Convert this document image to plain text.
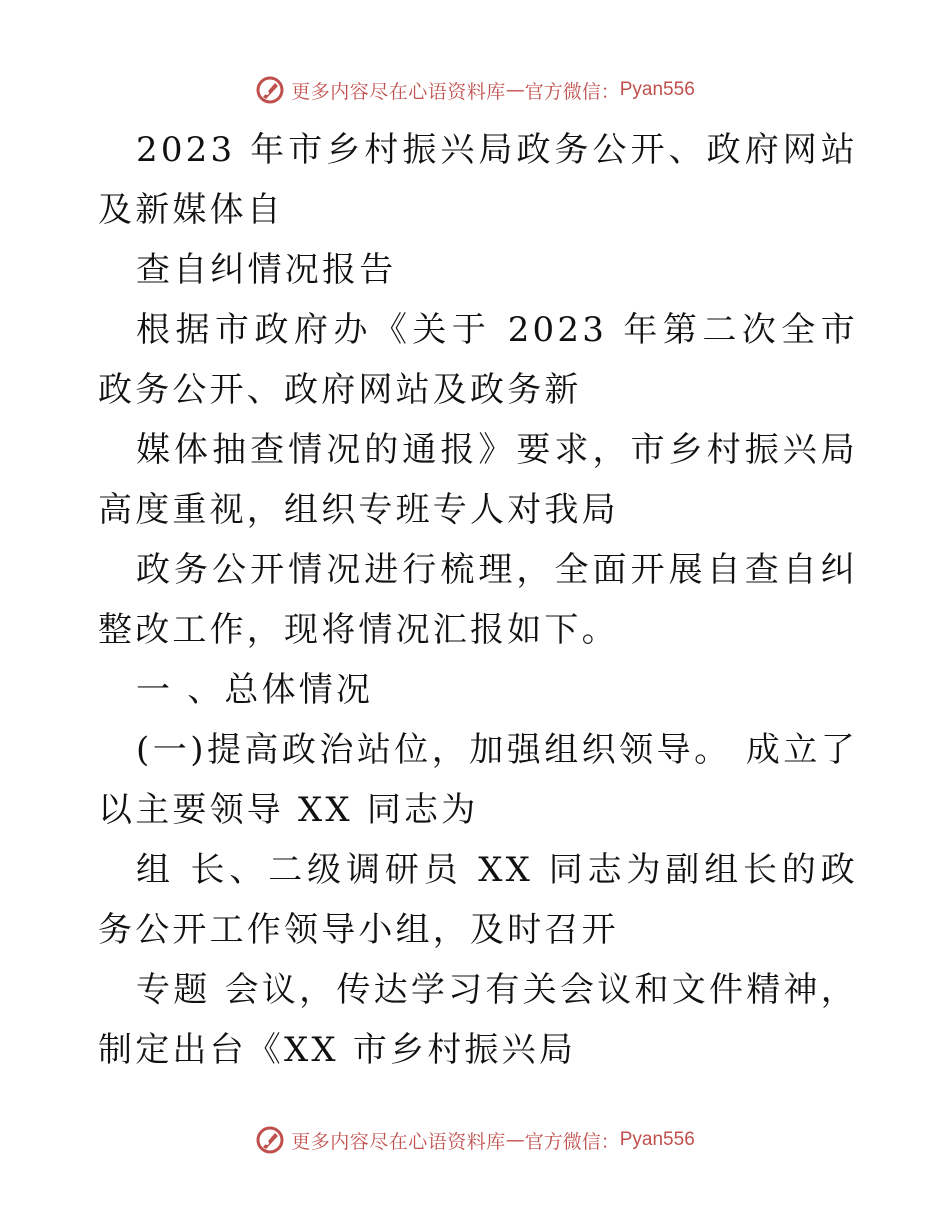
更多内容尽在心语资料库 — 官方微信： Pyan556

2023 年市乡村振兴局政务公开、政府网站及新媒体自

查自纠情况报告

根据市政府办《关于 2023 年第二次全市政务公开、政府网站及政务新

媒体抽查情况的通报》要求，市乡村振兴局高度重视，组织专班专人对我局

政务公开情况进行梳理，全面开展自查自纠整改工作，现将情况汇报如下。

一 、总体情况

(一)提高政治站位，加强组织领导。 成立了以主要领导 XX 同志为

组 长、二级调研员 XX 同志为副组长的政务公开工作领导小组，及时召开

专题 会议，传达学习有关会议和文件精神，制定出台《XX 市乡村振兴局

更多内容尽在心语资料库 — 官方微信： Pyan556
